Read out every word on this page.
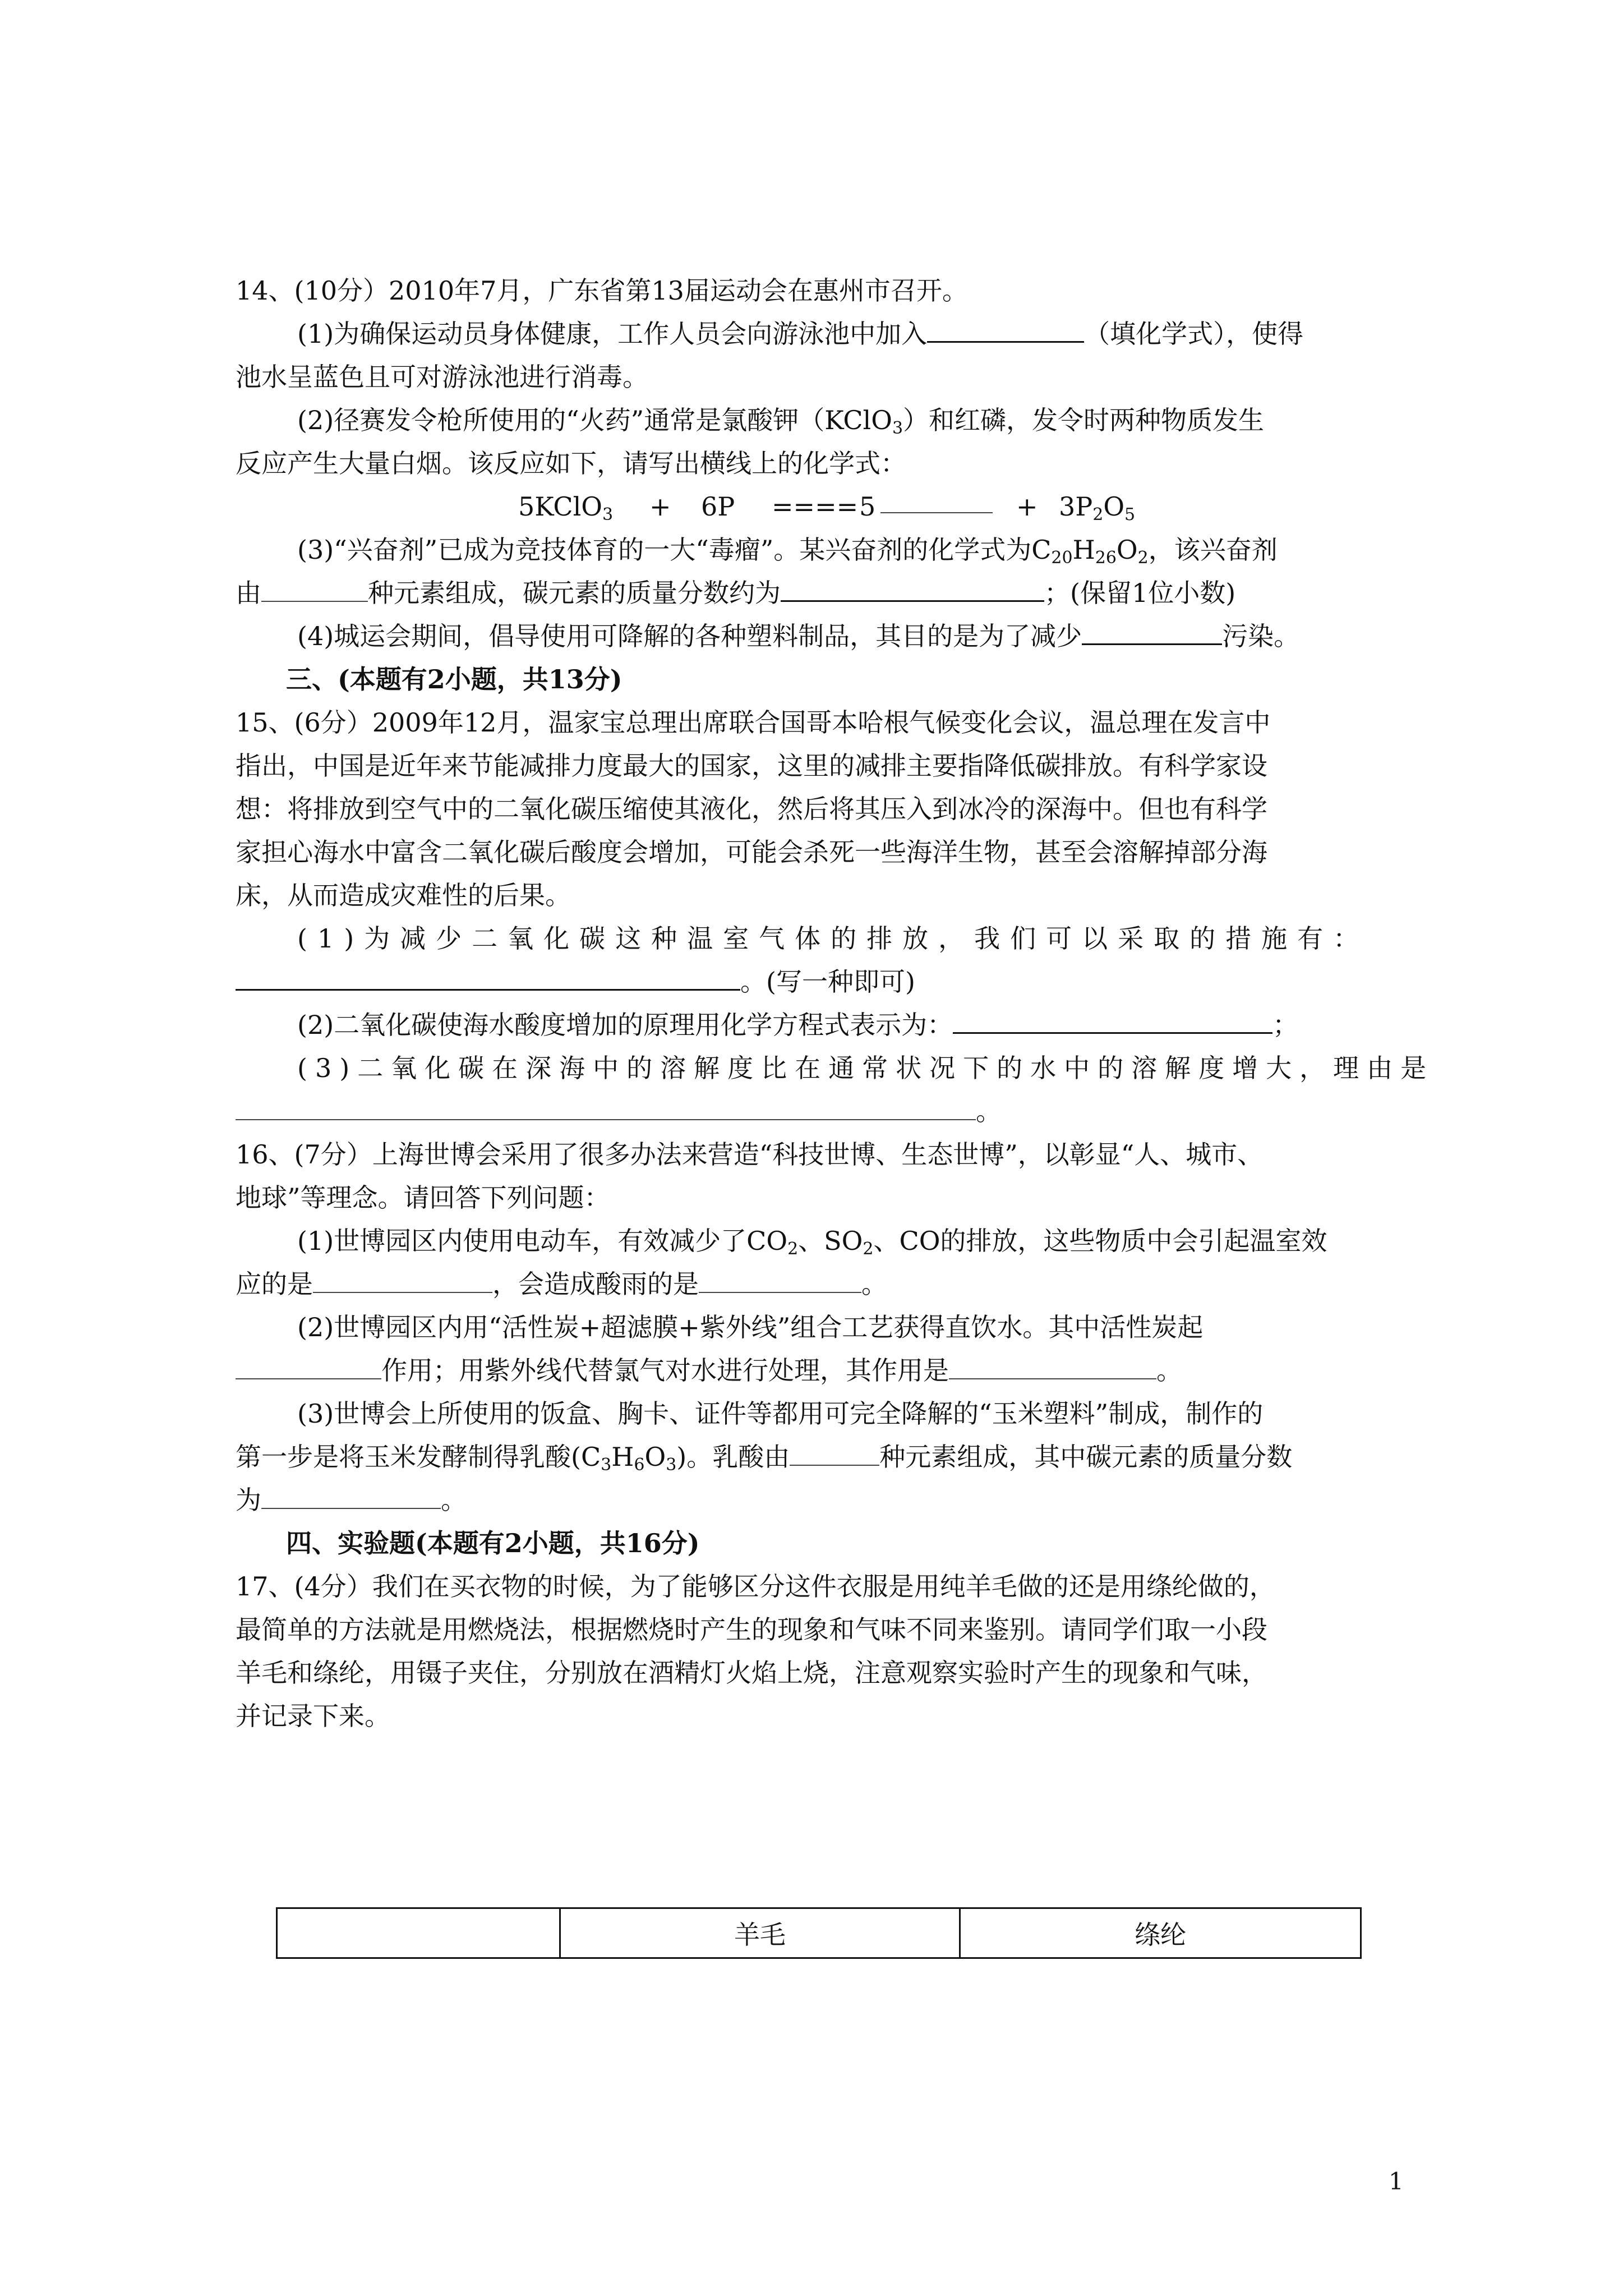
14、(10分）2010年7月，广东省第13届运动会在惠州市召开。
(1)为确保运动员身体健康，工作人员会向游泳池中加入	（填化学式），使得
池水呈蓝色且可对游泳池进行消毒。
(2)径赛发令枪所使用的“火药”通常是氯酸钾（KClO$_3$）和红磷，发令时两种物质发生
反应产生大量白烟。该反应如下，请写出横线上的化学式：
5KClO$_3$ + 6P ==== 5	+ $3P_2O_5$
(3)“兴奋剂”已成为竞技体育的一大“毒瘤”。某兴奋剂的化学式为$C_{20}H_{26}O_2$，该兴奋剂
由	种元素组成，碳元素的质量分数约为	；(保留1位小数)
(4)城运会期间，倡导使用可降解的各种塑料制品，其目的是为了减少	污染。
三、(本题有2小题，共13分)
15、(6分）2009年12月，温家宝总理出席联合国哥本哈根气候变化会议，温总理在发言中
指出，中国是近年来节能减排力度最大的国家，这里的减排主要指降低碳排放。有科学家设
想：将排放到空气中的二氧化碳压缩使其液化，然后将其压入到冰冷的深海中。但也有科学
家担心海水中富含二氧化碳后酸度会增加，可能会杀死一些海洋生物，甚至会溶解掉部分海
床，从而造成灾难性的后果。
(1)为减少二氧化碳这种温室气体的排放，我们可以采取的措施有：
。(写一种即可)
(2)二氧化碳使海水酸度增加的原理用化学方程式表示为：	；
(3)二氧化碳在深海中的溶解度比在通常状况下的水中的溶解度增大，理由是
。
16、(7分）上海世博会采用了很多办法来营造“科技世博、生态世博”，以彰显“人、城市、
地球”等理念。请回答下列问题：
(1)世博园区内使用电动车，有效减少了$CO_2$、$SO_2$、CO的排放，这些物质中会引起温室效
应的是	，会造成酸雨的是	。
(2)世博园区内用“活性炭+超滤膜+紫外线”组合工艺获得直饮水。其中活性炭起
作用；用紫外线代替氯气对水进行处理，其作用是	。
(3)世博会上所使用的饭盒、胸卡、证件等都用可完全降解的“玉米塑料”制成，制作的
第一步是将玉米发酵制得乳酸$(C_3H_6O_3)$。乳酸由	种元素组成，其中碳元素的质量分数
为	。
四、实验题(本题有2小题，共16分)
17、(4分）我们在买衣物的时候，为了能够区分这件衣服是用纯羊毛做的还是用绦纶做的，
最简单的方法就是用燃烧法，根据燃烧时产生的现象和气味不同来鉴别。请同学们取一小段
羊毛和绦纶，用镊子夹住，分别放在酒精灯火焰上烧，注意观察实验时产生的现象和气味，
并记录下来。
	羊毛	绦纶
1
